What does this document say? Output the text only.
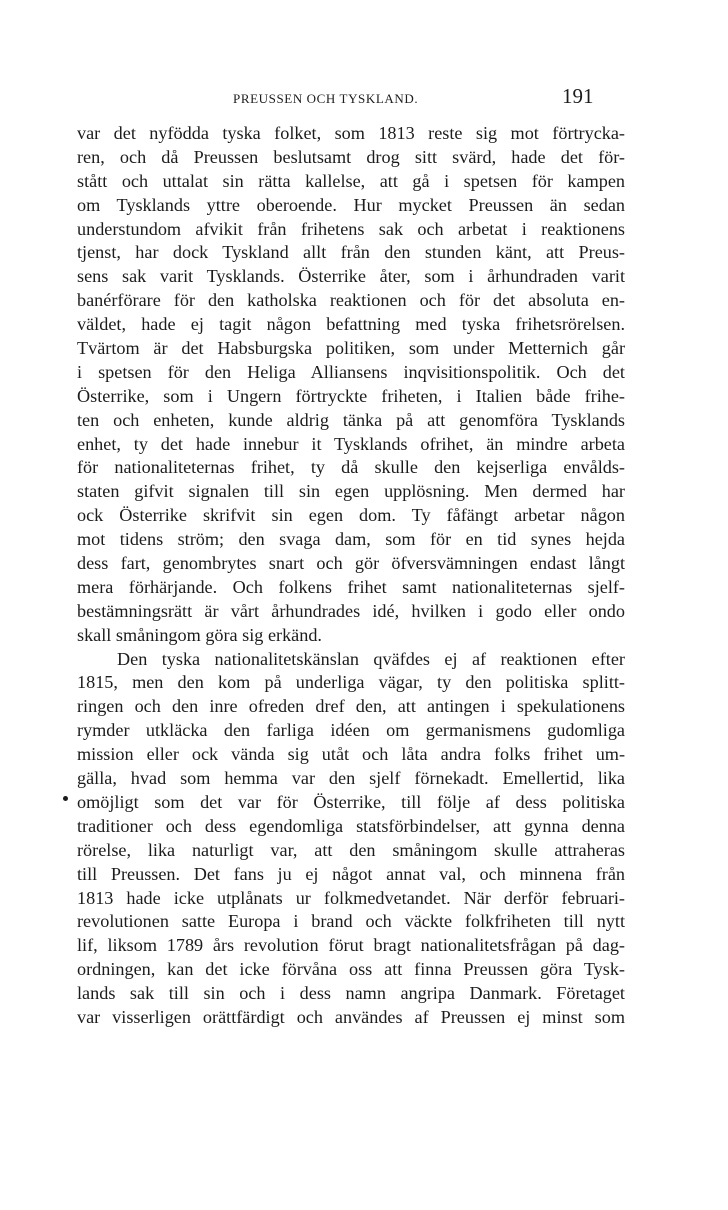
PREUSSEN OCH TYSKLAND.	191
var det nyfödda tyska folket, som 1813 reste sig mot förtrycka-
ren, och då Preussen beslutsamt drog sitt svärd, hade det för-
stått och uttalat sin rätta kallelse, att gå i spetsen för kampen
om Tysklands yttre oberoende. Hur mycket Preussen än sedan
understundom afvikit från frihetens sak och arbetat i reaktionens
tjenst, har dock Tyskland allt från den stunden känt, att Preus-
sens sak varit Tysklands. Österrike åter, som i århundraden varit
banérförare för den katholska reaktionen och för det absoluta en-
väldet, hade ej tagit någon befattning med tyska frihetsrörelsen.
Tvärtom är det Habsburgska politiken, som under Metternich går
i spetsen för den Heliga Alliansens inqvisitionspolitik. Och det
Österrike, som i Ungern förtryckte friheten, i Italien både frihe-
ten och enheten, kunde aldrig tänka på att genomföra Tysklands
enhet, ty det hade innebur it Tysklands ofrihet, än mindre arbeta
för nationaliteternas frihet, ty då skulle den kejserliga envålds-
staten gifvit signalen till sin egen upplösning. Men dermed har
ock Österrike skrifvit sin egen dom. Ty fåfängt arbetar någon
mot tidens ström; den svaga dam, som för en tid synes hejda
dess fart, genombrytes snart och gör öfversvämningen endast långt
mera förhärjande. Och folkens frihet samt nationaliteternas sjelf-
bestämningsrätt är vårt århundrades idé, hvilken i godo eller ondo
skall småningom göra sig erkänd.
Den tyska nationalitetskänslan qväfdes ej af reaktionen efter
1815, men den kom på underliga vägar, ty den politiska splitt-
ringen och den inre ofreden dref den, att antingen i spekulationens
rymder utkläcka den farliga idéen om germanismens gudomliga
mission eller ock vända sig utåt och låta andra folks frihet um-
gälla, hvad som hemma var den sjelf förnekadt. Emellertid, lika
omöjligt som det var för Österrike, till följe af dess politiska
traditioner och dess egendomliga statsförbindelser, att gynna denna
rörelse, lika naturligt var, att den småningom skulle attraheras
till Preussen. Det fans ju ej något annat val, och minnena från
1813 hade icke utplånats ur folkmedvetandet. När derför februari-
revolutionen satte Europa i brand och väckte folkfriheten till nytt
lif, liksom 1789 års revolution förut bragt nationalitetsfrågan på dag-
ordningen, kan det icke förvåna oss att finna Preussen göra Tysk-
lands sak till sin och i dess namn angripa Danmark. Företaget
var visserligen orättfärdigt och användes af Preussen ej minst som
